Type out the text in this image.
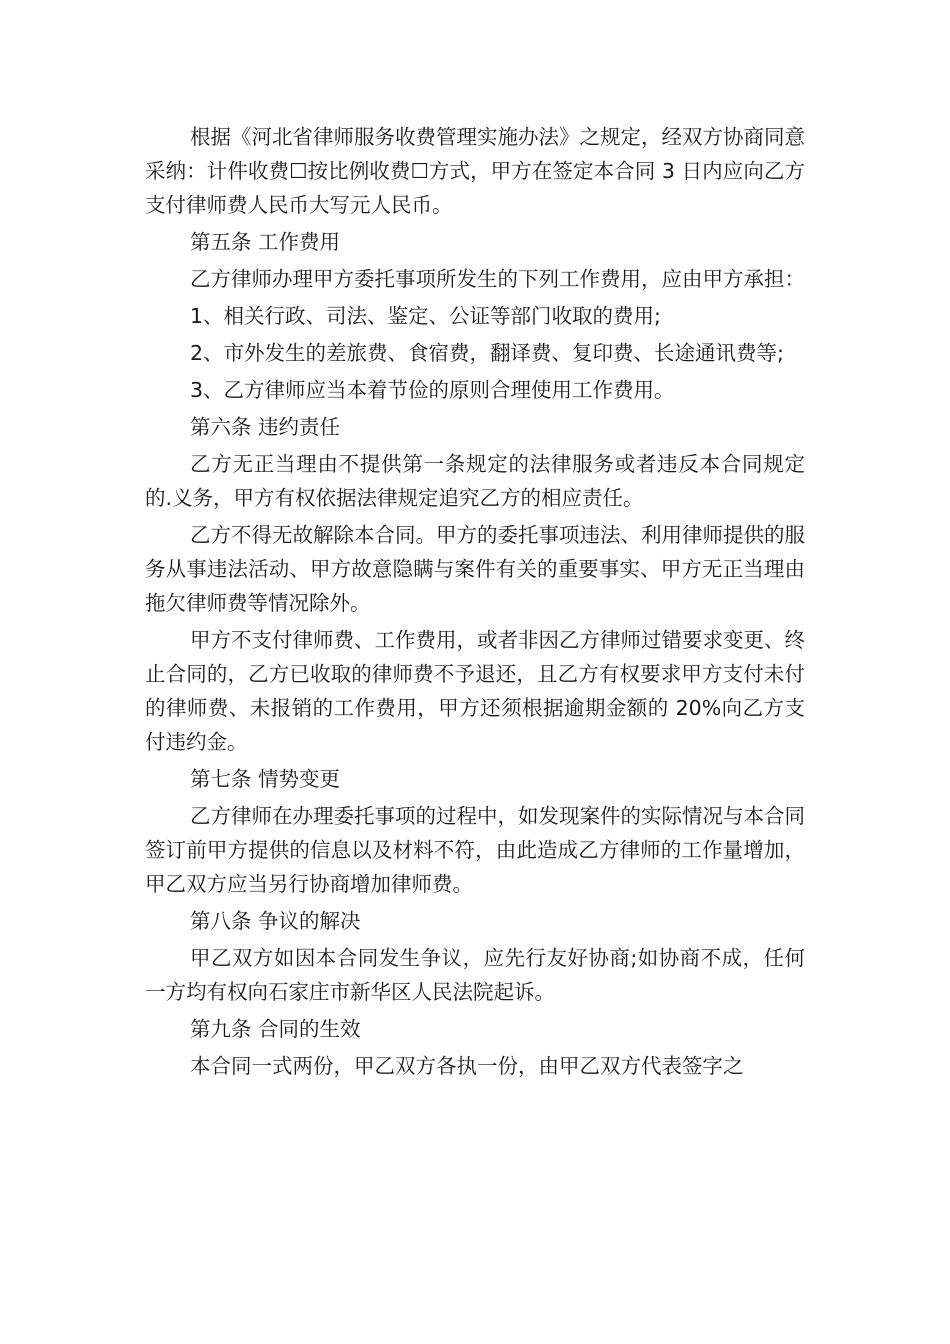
根据《河北省律师服务收费管理实施办法》之规定，经双方协商同意采纳：计件收费☐按比例收费☐方式，甲方在签定本合同 3 日内应向乙方支付律师费人民币大写元人民币。

第五条 工作费用

乙方律师办理甲方委托事项所发生的下列工作费用，应由甲方承担：

1、相关行政、司法、鉴定、公证等部门收取的费用;

2、市外发生的差旅费、食宿费，翻译费、复印费、长途通讯费等;

3、乙方律师应当本着节俭的原则合理使用工作费用。

第六条 违约责任

乙方无正当理由不提供第一条规定的法律服务或者违反本合同规定的.义务，甲方有权依据法律规定追究乙方的相应责任。

乙方不得无故解除本合同。甲方的委托事项违法、利用律师提供的服务从事违法活动、甲方故意隐瞒与案件有关的重要事实、甲方无正当理由拖欠律师费等情况除外。

甲方不支付律师费、工作费用，或者非因乙方律师过错要求变更、终止合同的，乙方已收取的律师费不予退还，且乙方有权要求甲方支付未付的律师费、未报销的工作费用，甲方还须根据逾期金额的 20%向乙方支付违约金。

第七条 情势变更

乙方律师在办理委托事项的过程中，如发现案件的实际情况与本合同签订前甲方提供的信息以及材料不符，由此造成乙方律师的工作量增加，甲乙双方应当另行协商增加律师费。

第八条 争议的解决

甲乙双方如因本合同发生争议，应先行友好协商;如协商不成，任何一方均有权向石家庄市新华区人民法院起诉。

第九条 合同的生效

本合同一式两份，甲乙双方各执一份，由甲乙双方代表签字之
